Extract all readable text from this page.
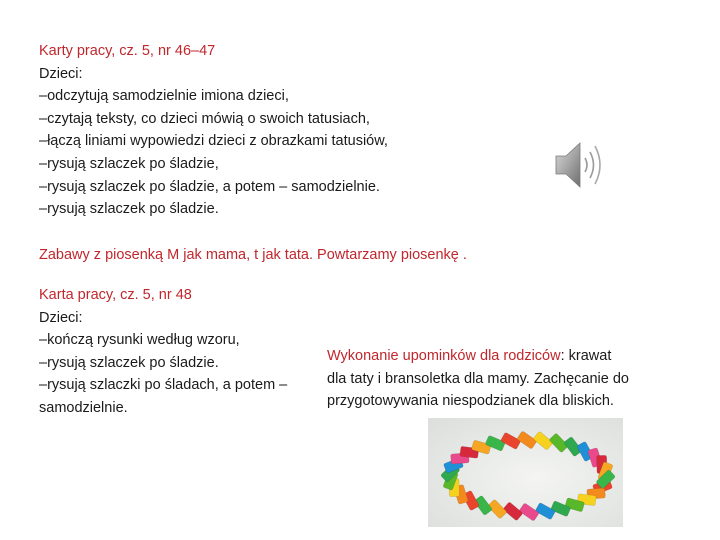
Karty pracy, cz. 5, nr 46–47
Dzieci:
–odczytują samodzielnie imiona dzieci,
–czytają teksty, co dzieci mówią o swoich tatusiach,
–łączą liniami wypowiedzi dzieci z obrazkami tatusiów,
–rysują szlaczek po śladzie,
–rysują szlaczek po śladzie, a potem – samodzielnie.
–rysują szlaczek po śladzie.
Zabawy z piosenką M jak mama, t jak tata. Powtarzamy piosenkę .
Karta pracy, cz. 5, nr 48
Dzieci:
–kończą rysunki według wzoru,
–rysują szlaczek po śladzie.
–rysują szlaczki po śladach, a potem –
samodzielnie.
Wykonanie upominków dla rodziców: krawat
dla taty i bransoletka dla mamy. Zachęcanie do
przygotowywania niespodzianek dla bliskich.
